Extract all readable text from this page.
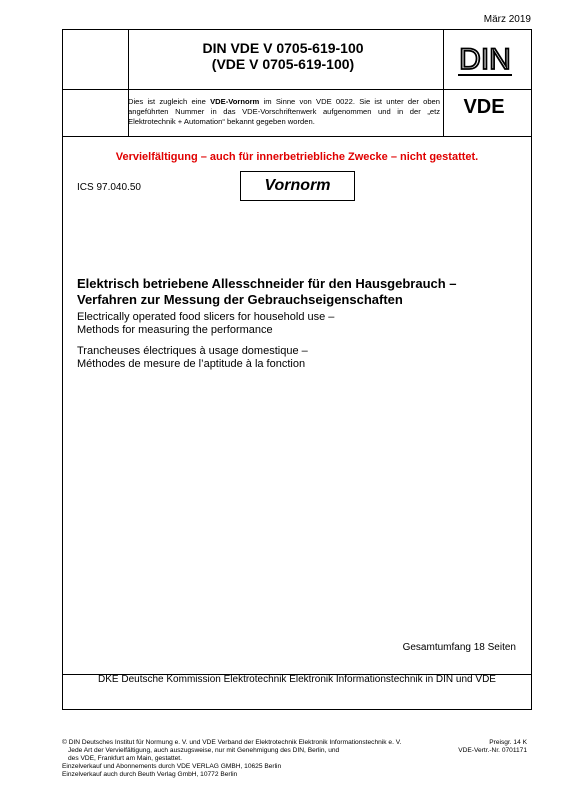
März 2019
DIN VDE V 0705-619-100
(VDE V 0705-619-100)	DIN
VDE
Dies ist zugleich eine VDE-Vornorm im Sinne von VDE 0022. Sie ist unter der oben angeführten Nummer in das VDE-Vorschriftenwerk aufgenommen und in der „etz Elektrotechnik + Automation“ bekannt gegeben worden.
Vervielfältigung – auch für innerbetriebliche Zwecke – nicht gestattet.
ICS 97.040.50	Vornorm
Elektrisch betriebene Allesschneider für den Hausgebrauch –
Verfahren zur Messung der Gebrauchseigenschaften
Electrically operated food slicers for household use –
Methods for measuring the performance
Trancheuses électriques à usage domestique –
Méthodes de mesure de l’aptitude à la fonction
Gesamtumfang 18 Seiten
DKE Deutsche Kommission Elektrotechnik Elektronik Informationstechnik in DIN und VDE
© DIN Deutsches Institut für Normung e. V. und VDE Verband der Elektrotechnik Elektronik Informationstechnik e. V.
Jede Art der Vervielfältigung, auch auszugsweise, nur mit Genehmigung des DIN, Berlin, und
des VDE, Frankfurt am Main, gestattet.
Einzelverkauf und Abonnements durch VDE VERLAG GMBH, 10625 Berlin
Einzelverkauf auch durch Beuth Verlag GmbH, 10772 Berlin
Preisgr. 14 K
VDE-Vertr.-Nr. 0701171
